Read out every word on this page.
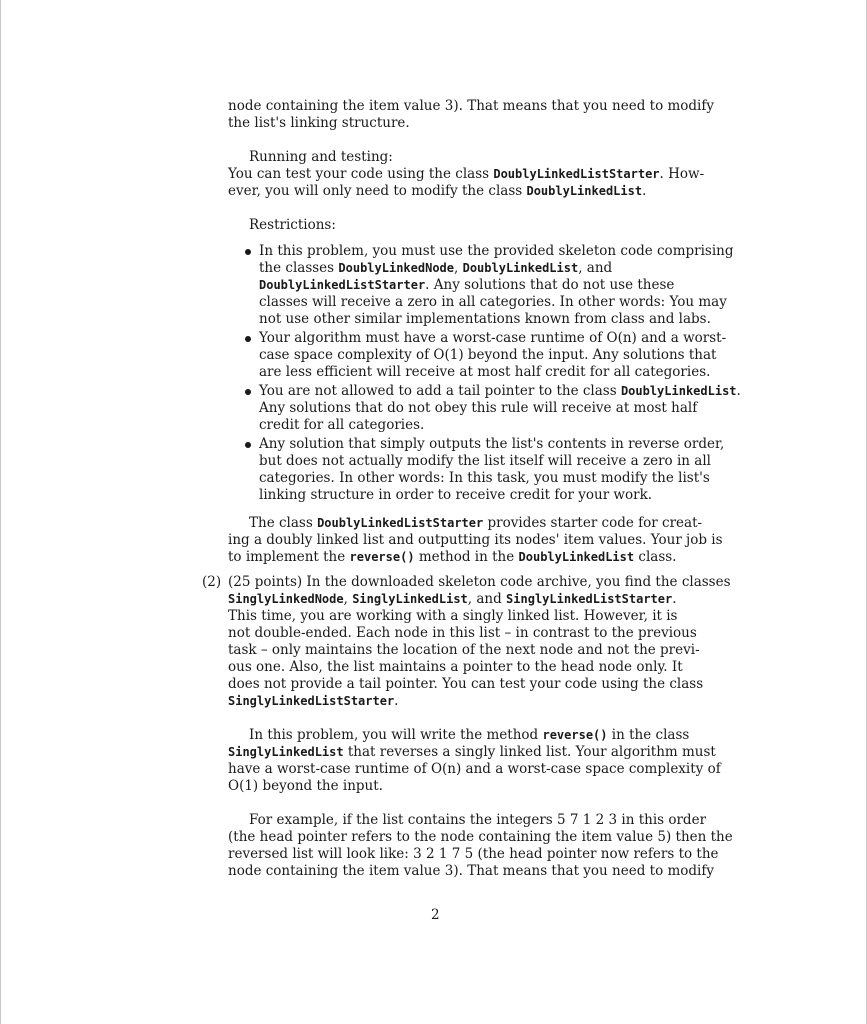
node containing the item value 3). That means that you need to modify
the list's linking structure.
Running and testing:
You can test your code using the class DoublyLinkedListStarter. How-
ever, you will only need to modify the class DoublyLinkedList.
Restrictions:
In this problem, you must use the provided skeleton code comprising
the classes DoublyLinkedNode, DoublyLinkedList, and
DoublyLinkedListStarter. Any solutions that do not use these
classes will receive a zero in all categories. In other words: You may
not use other similar implementations known from class and labs.
Your algorithm must have a worst-case runtime of O(n) and a worst-
case space complexity of O(1) beyond the input. Any solutions that
are less efficient will receive at most half credit for all categories.
You are not allowed to add a tail pointer to the class DoublyLinkedList.
Any solutions that do not obey this rule will receive at most half
credit for all categories.
Any solution that simply outputs the list's contents in reverse order,
but does not actually modify the list itself will receive a zero in all
categories. In other words: In this task, you must modify the list's
linking structure in order to receive credit for your work.
The class DoublyLinkedListStarter provides starter code for creat-
ing a doubly linked list and outputting its nodes' item values. Your job is
to implement the reverse() method in the DoublyLinkedList class.
(2) (25 points) In the downloaded skeleton code archive, you find the classes
SinglyLinkedNode, SinglyLinkedList, and SinglyLinkedListStarter.
This time, you are working with a singly linked list. However, it is
not double-ended. Each node in this list – in contrast to the previous
task – only maintains the location of the next node and not the previ-
ous one. Also, the list maintains a pointer to the head node only. It
does not provide a tail pointer. You can test your code using the class
SinglyLinkedListStarter.
In this problem, you will write the method reverse() in the class
SinglyLinkedList that reverses a singly linked list. Your algorithm must
have a worst-case runtime of O(n) and a worst-case space complexity of
O(1) beyond the input.
For example, if the list contains the integers 5 7 1 2 3 in this order
(the head pointer refers to the node containing the item value 5) then the
reversed list will look like: 3 2 1 7 5 (the head pointer now refers to the
node containing the item value 3). That means that you need to modify
2
